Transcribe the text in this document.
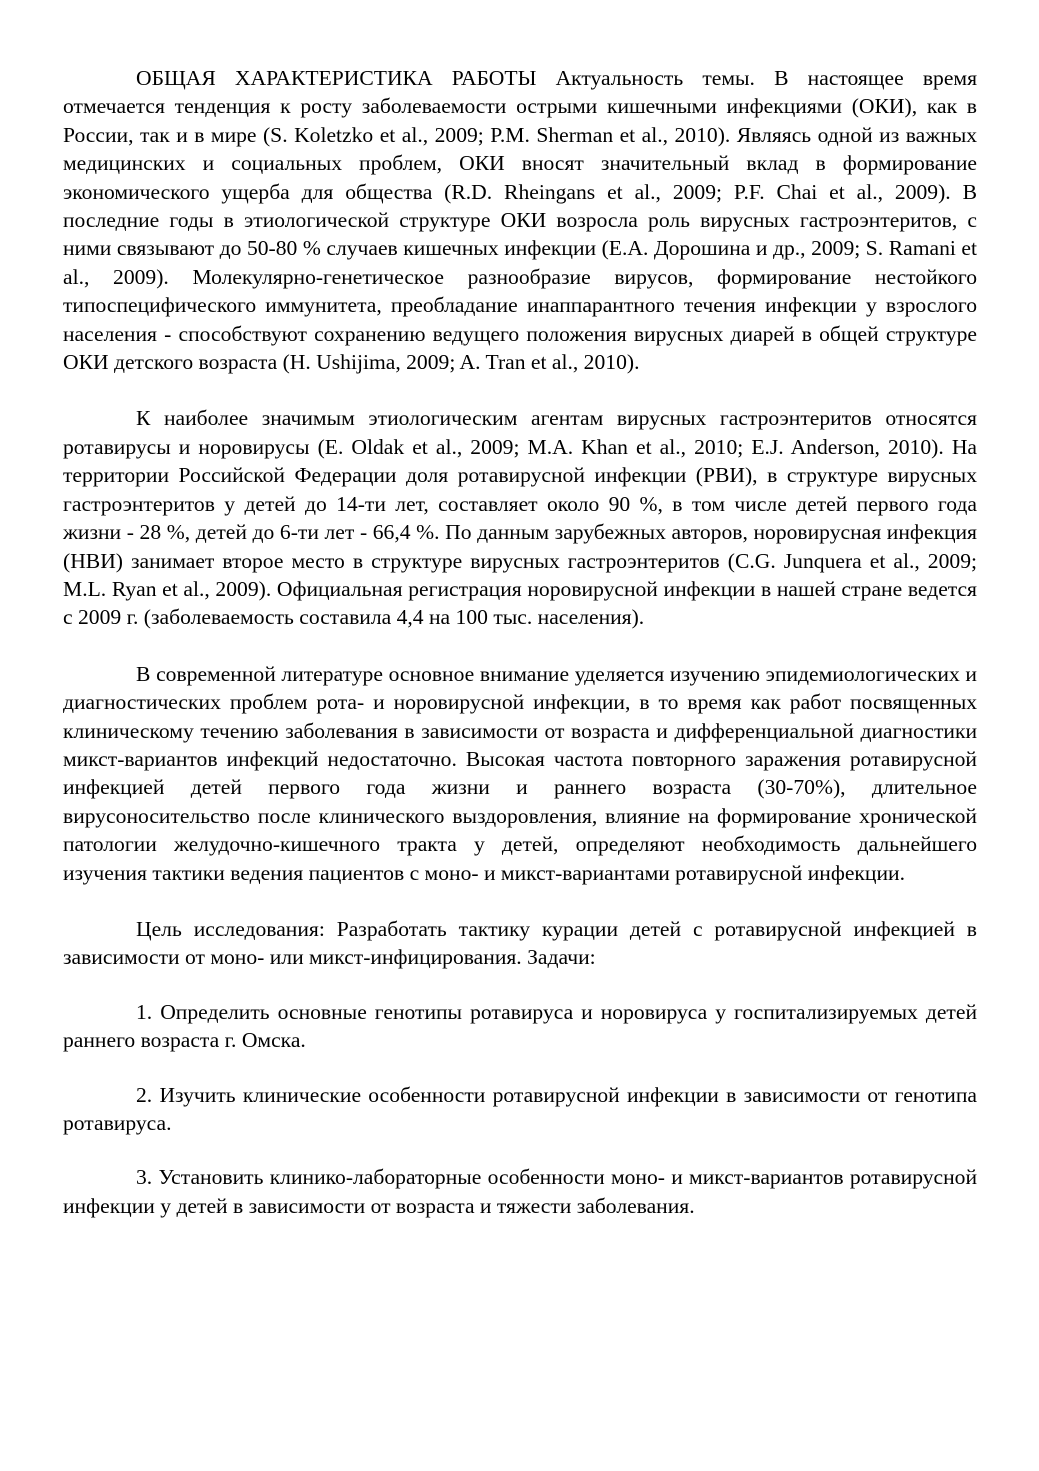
ОБЩАЯ ХАРАКТЕРИСТИКА РАБОТЫ Актуальность темы. В настоящее время отмечается тенденция к росту заболеваемости острыми кишечными инфекциями (ОКИ), как в России, так и в мире (S. Koletzko et al., 2009; P.M. Sherman et al., 2010). Являясь одной из важных медицинских и социальных проблем, ОКИ вносят значительный вклад в формирование экономического ущерба для общества (R.D. Rheingans et al., 2009; P.F. Chai et al., 2009). В последние годы в этиологической структуре ОКИ возросла роль вирусных гастроэнтеритов, с ними связывают до 50-80 % случаев кишечных инфекции (Е.А. Дорошина и др., 2009; S. Ramani et al., 2009). Молекулярно-генетическое разнообразие вирусов, формирование нестойкого типоспецифического иммунитета, преобладание инаппарантного течения инфекции у взрослого населения - способствуют сохранению ведущего положения вирусных диарей в общей структуре ОКИ детского возраста (H. Ushijima, 2009; A. Tran et al., 2010).

К наиболее значимым этиологическим агентам вирусных гастроэнтеритов относятся ротавирусы и норовирусы (E. Oldak et al., 2009; M.A. Khan et al., 2010; E.J. Anderson, 2010). На территории Российской Федерации доля ротавирусной инфекции (РВИ), в структуре вирусных гастроэнтеритов у детей до 14-ти лет, составляет около 90 %, в том числе детей первого года жизни - 28 %, детей до 6-ти лет - 66,4 %. По данным зарубежных авторов, норовирусная инфекция (НВИ) занимает второе место в структуре вирусных гастроэнтеритов (C.G. Junquera et al., 2009; M.L. Ryan et al., 2009). Официальная регистрация норовирусной инфекции в нашей стране ведется с 2009 г. (заболеваемость составила 4,4 на 100 тыс. населения).

В современной литературе основное внимание уделяется изучению эпидемиологических и диагностических проблем рота- и норовирусной инфекции, в то время как работ посвященных клиническому течению заболевания в зависимости от возраста и дифференциальной диагностики микст-вариантов инфекций недостаточно. Высокая частота повторного заражения ротавирусной инфекцией детей первого года жизни и раннего возраста (30-70%), длительное вирусоносительство после клинического выздоровления, влияние на формирование хронической патологии желудочно-кишечного тракта у детей, определяют необходимость дальнейшего изучения тактики ведения пациентов с моно- и микст-вариантами ротавирусной инфекции.

Цель исследования: Разработать тактику курации детей с ротавирусной инфекцией в зависимости от моно- или микст-инфицирования. Задачи:

1. Определить основные генотипы ротавируса и норовируса у госпитализируемых детей раннего возраста г. Омска.

2. Изучить клинические особенности ротавирусной инфекции в зависимости от генотипа ротавируса.

3. Установить клинико-лабораторные особенности моно- и микст-вариантов ротавирусной инфекции у детей в зависимости от возраста и тяжести заболевания.
